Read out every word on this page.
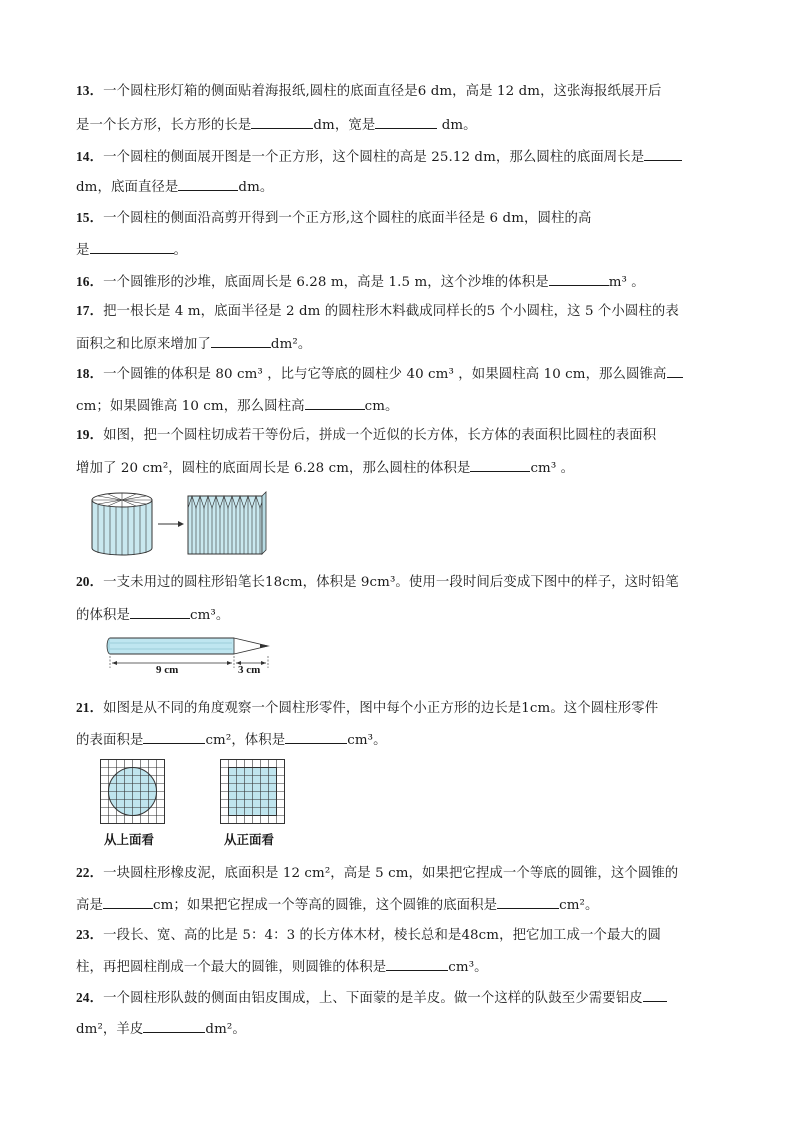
13．一个圆柱形灯箱的侧面贴着海报纸,圆柱的底面直径是6 dm，高是 12 dm，这张海报纸展开后
是一个长方形，长方形的长是	dm，宽是	dm。
14．一个圆柱的侧面展开图是一个正方形，这个圆柱的高是 25.12 dm，那么圆柱的底面周长是
dm，底面直径是	dm。
15．一个圆柱的侧面沿高剪开得到一个正方形,这个圆柱的底面半径是 6 dm，圆柱的高
是	。
16．一个圆锥形的沙堆，底面周长是 6.28 m，高是 1.5 m，这个沙堆的体积是	m³ 。
17．把一根长是 4 m，底面半径是 2 dm 的圆柱形木料截成同样长的5 个小圆柱，这 5 个小圆柱的表
面积之和比原来增加了	dm²。
18．一个圆锥的体积是 80 cm³ ，比与它等底的圆柱少 40 cm³ ，如果圆柱高 10 cm，那么圆锥高
cm；如果圆锥高 10 cm，那么圆柱高	cm。
19．如图，把一个圆柱切成若干等份后，拼成一个近似的长方体，长方体的表面积比圆柱的表面积
增加了 20 cm²，圆柱的底面周长是 6.28 cm，那么圆柱的体积是	cm³ 。
20．一支未用过的圆柱形铅笔长18cm，体积是 9cm³。使用一段时间后变成下图中的样子，这时铅笔
的体积是	cm³。
9 cm	3 cm
21．如图是从不同的角度观察一个圆柱形零件，图中每个小正方形的边长是1cm。这个圆柱形零件
的表面积是	cm²，体积是	cm³。
从上面看	从正面看
22．一块圆柱形橡皮泥，底面积是 12 cm²，高是 5 cm，如果把它捏成一个等底的圆锥，这个圆锥的
高是	cm；如果把它捏成一个等高的圆锥，这个圆锥的底面积是	cm²。
23．一段长、宽、高的比是 5：4：3 的长方体木材，棱长总和是48cm，把它加工成一个最大的圆
柱，再把圆柱削成一个最大的圆锥，则圆锥的体积是	cm³。
24．一个圆柱形队鼓的侧面由铝皮围成，上、下面蒙的是羊皮。做一个这样的队鼓至少需要铝皮
dm²，羊皮	dm²。
